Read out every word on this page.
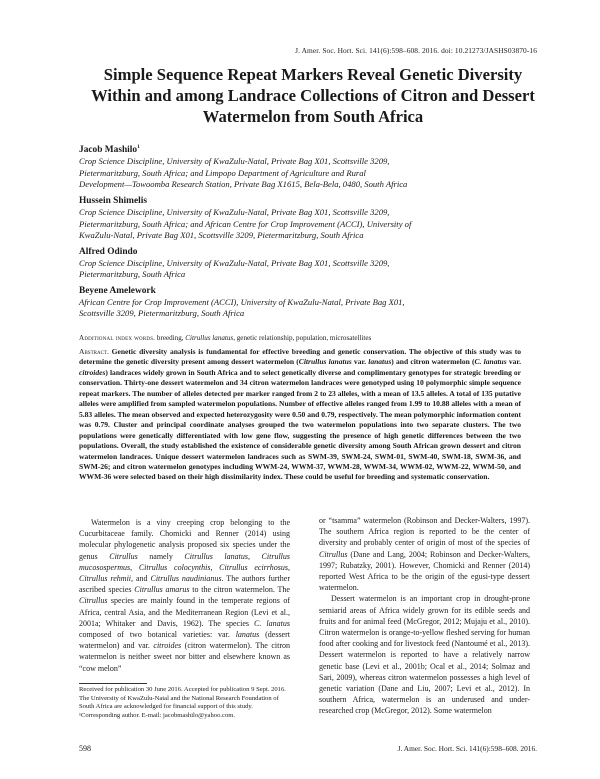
J. Amer. Soc. Hort. Sci. 141(6):598–608. 2016. doi: 10.21273/JASHS03870-16
Simple Sequence Repeat Markers Reveal Genetic Diversity Within and among Landrace Collections of Citron and Dessert Watermelon from South Africa
Jacob Mashilo$^1$
Crop Science Discipline, University of KwaZulu-Natal, Private Bag X01, Scottsville 3209,
Pietermaritzburg, South Africa; and Limpopo Department of Agriculture and Rural
Development—Towoomba Research Station, Private Bag X1615, Bela-Bela, 0480, South Africa
Hussein Shimelis
Crop Science Discipline, University of KwaZulu-Natal, Private Bag X01, Scottsville 3209,
Pietermaritzburg, South Africa; and African Centre for Crop Improvement (ACCI), University of
KwaZulu-Natal, Private Bag X01, Scottsville 3209, Pietermaritzburg, South Africa
Alfred Odindo
Crop Science Discipline, University of KwaZulu-Natal, Private Bag X01, Scottsville 3209,
Pietermaritzburg, South Africa
Beyene Amelework
African Centre for Crop Improvement (ACCI), University of KwaZulu-Natal, Private Bag X01,
Scottsville 3209, Pietermaritzburg, South Africa
Additional index words. breeding, Citrullus lanatus, genetic relationship, population, microsatellites

Abstract. Genetic diversity analysis is fundamental for effective breeding and genetic conservation. The objective of this study was to determine the genetic diversity present among dessert watermelon (Citrullus lanatus var. lanatus) and citron watermelon (C. lanatus var. citroides) landraces widely grown in South Africa and to select genetically diverse and complimentary genotypes for strategic breeding or conservation. Thirty-one dessert watermelon and 34 citron watermelon landraces were genotyped using 10 polymorphic simple sequence repeat markers. The number of alleles detected per marker ranged from 2 to 23 alleles, with a mean of 13.5 alleles. A total of 135 putative alleles were amplified from sampled watermelon populations. Number of effective alleles ranged from 1.99 to 10.88 alleles with a mean of 5.83 alleles. The mean observed and expected heterozygosity were 0.50 and 0.79, respectively. The mean polymorphic information content was 0.79. Cluster and principal coordinate analyses grouped the two watermelon populations into two separate clusters. The two populations were genetically differentiated with low gene flow, suggesting the presence of high genetic differences between the two populations. Overall, the study established the existence of considerable genetic diversity among South African grown dessert and citron watermelon landraces. Unique dessert watermelon landraces such as SWM-39, SWM-24, SWM-01, SWM-40, SWM-18, SWM-36, and SWM-26; and citron watermelon genotypes including WWM-24, WWM-37, WWM-28, WWM-34, WWM-02, WWM-22, WWM-50, and WWM-36 were selected based on their high dissimilarity index. These could be useful for breeding and systematic conservation.

Watermelon is a viny creeping crop belonging to the Cucurbitaceae family. Chomicki and Renner (2014) using molecular phylogenetic analysis proposed six species under the genus Citrullus namely Citrullus lanatus, Citrullus mucosospermus, Citrullus colocynthis, Citrullus ecirrhosus, Citrullus rehmii, and Citrullus naudinianus. The authors further ascribed species Citrullus amarus to the citron watermelon. The Citrullus species are mainly found in the temperate regions of Africa, central Asia, and the Mediterranean Region (Levi et al., 2001a; Whitaker and Davis, 1962). The species C. lanatus composed of two botanical varieties: var. lanatus (dessert watermelon) and var. citroides (citron watermelon). The citron watermelon is neither sweet nor bitter and elsewhere known as “cow melon”

or “tsamma” watermelon (Robinson and Decker-Walters, 1997). The southern Africa region is reported to be the center of diversity and probably center of origin of most of the species of Citrullus (Dane and Lang, 2004; Robinson and Decker-Walters, 1997; Rubatzky, 2001). However, Chomicki and Renner (2014) reported West Africa to be the origin of the egusi-type dessert watermelon.

Dessert watermelon is an important crop in drought-prone semiarid areas of Africa widely grown for its edible seeds and fruits and for animal feed (McGregor, 2012; Mujaju et al., 2010). Citron watermelon is orange-to-yellow fleshed serving for human food after cooking and for livestock feed (Nantoumé et al., 2013). Dessert watermelon is reported to have a relatively narrow genetic base (Levi et al., 2001b; Ocal et al., 2014; Solmaz and Sari, 2009), whereas citron watermelon possesses a high level of genetic variation (Dane and Liu, 2007; Levi et al., 2012). In southern Africa, watermelon is an underused and under-researched crop (McGregor, 2012). Some watermelon

Received for publication 30 June 2016. Accepted for publication 9 Sept. 2016.
The University of KwaZulu-Natal and the National Research Foundation of
South Africa are acknowledged for financial support of this study.
¹Corresponding author. E-mail: jacobmashilo@yahoo.com.
598	J. Amer. Soc. Hort. Sci. 141(6):598–608. 2016.
